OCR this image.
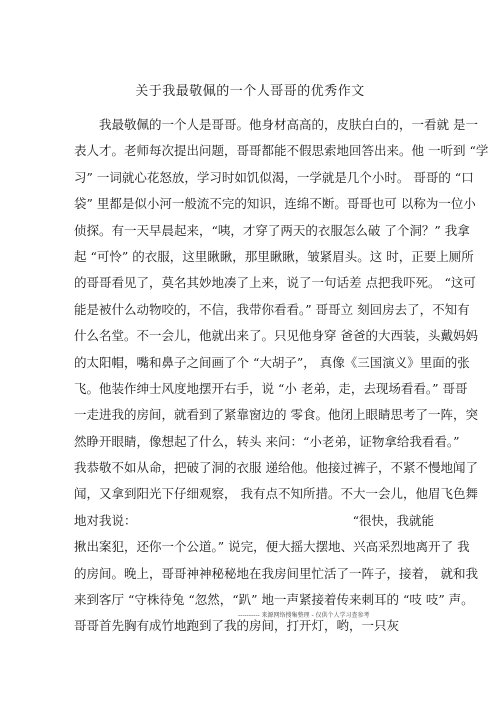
关于我最敬佩的一个人哥哥的优秀作文
我最敬佩的一个人是哥哥。他身材高高的，皮肤白白的，一看就 是一
表人才。老师每次提出问题，哥哥都能不假思索地回答出来。他 一听到 “学
习” 一词就心花怒放，学习时如饥似渴，一学就是几个小时。 哥哥的 “口
袋” 里都是似小河一般流不完的知识，连绵不断。哥哥也可 以称为一位小
侦探。有一天早晨起来，“咦，才穿了两天的衣服怎么破 了个洞？” 我拿
起 “可怜” 的衣服，这里瞅瞅，那里瞅瞅，皱紧眉头。这 时，正要上厕所
的哥哥看见了，莫名其妙地凑了上来，说了一句话差 点把我吓死。 “这可
能是被什么动物咬的，不信，我带你看看。” 哥哥立 刻回房去了，不知有
什么名堂。不一会儿，他就出来了。只见他身穿 爸爸的大西装，头戴妈妈
的太阳帽，嘴和鼻子之间画了个 “大胡子”， 真像《三国演义》里面的张
飞。他装作绅士风度地摆开右手，说 “小 老弟，走，去现场看看。” 哥哥
一走进我的房间，就看到了紧靠窗边的 零食。他闭上眼睛思考了一阵，突
然睁开眼睛，像想起了什么，转头 来问：“小老弟，证物拿给我看看。”
我恭敬不如从命，把破了洞的衣服 递给他。他接过裤子，不紧不慢地闻了
闻，又拿到阳光下仔细观察， 我有点不知所措。不大一会儿，他眉飞色舞
地对我说：	“很快，我就能
揪出案犯，还你一个公道。” 说完，便大摇大摆地、兴高采烈地离开了 我
的房间。晚上，哥哥神神秘秘地在我房间里忙活了一阵子，接着， 就和我
来到客厅 “守株待兔 “忽然，“趴” 地一声紧接着传来刺耳的 “吱 吱” 声。
哥哥首先胸有成竹地跑到了我的房间，打开灯，哟，一只灰
---------- 来源网络搜集整理 - 仅供个人学习查参考
